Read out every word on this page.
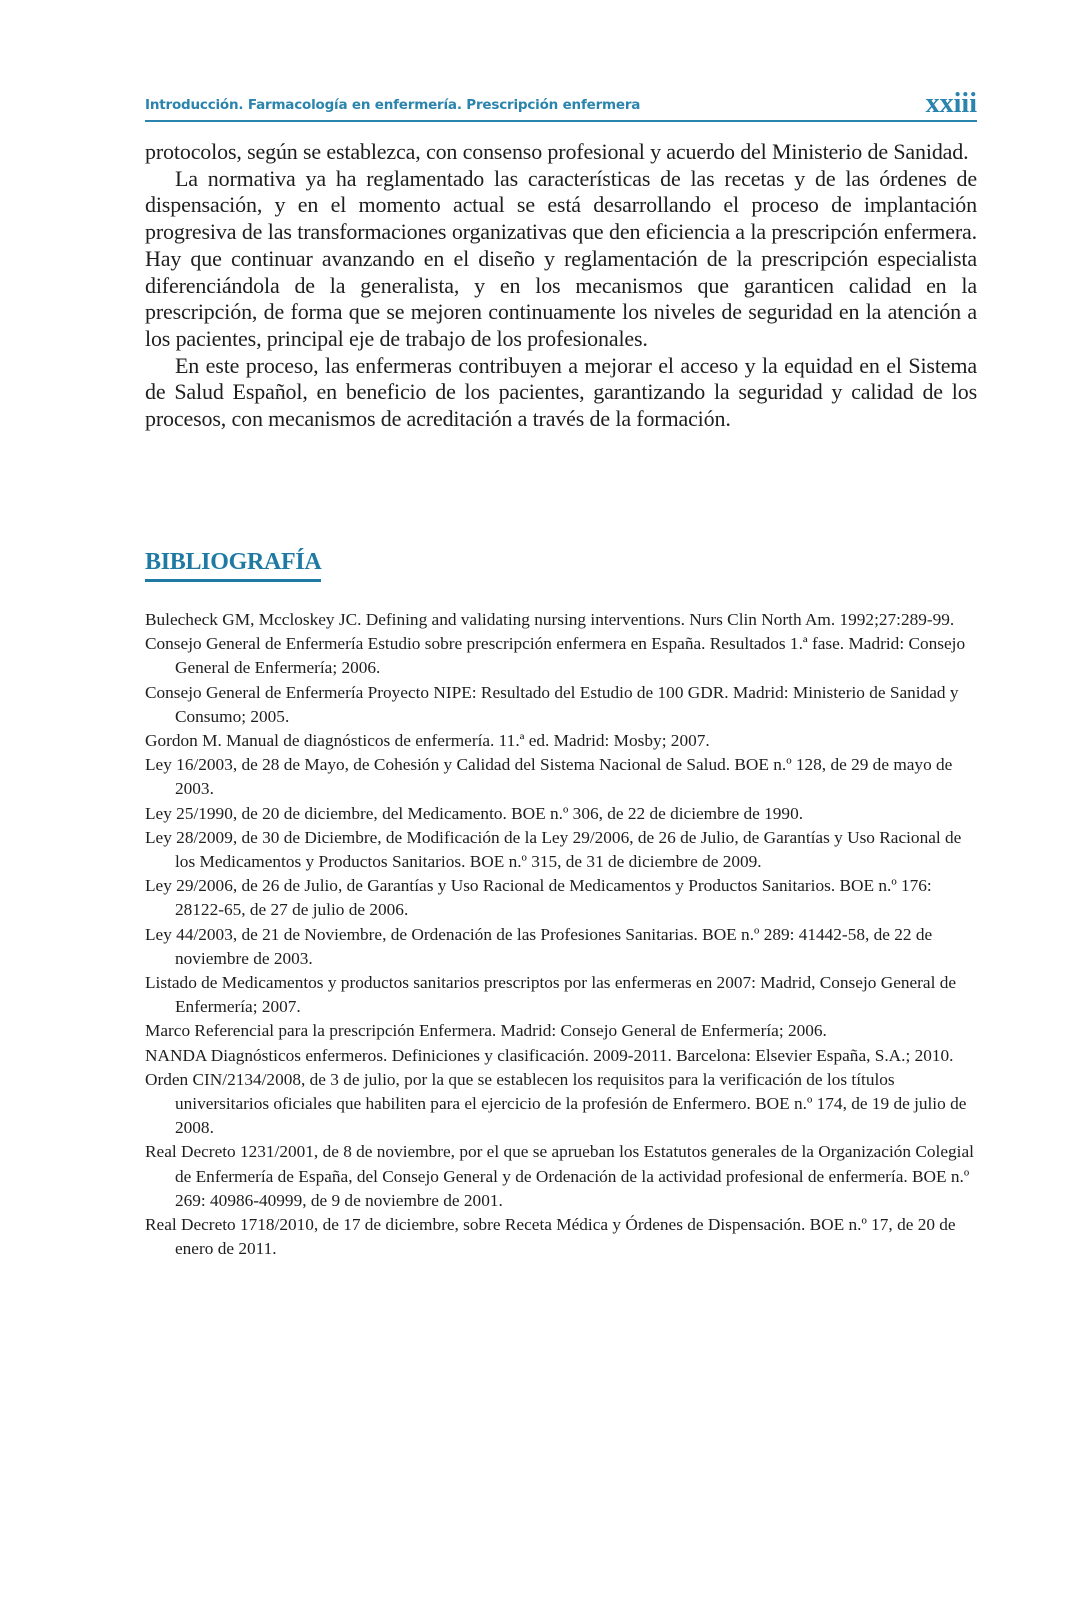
Introducción. Farmacología en enfermería. Prescripción enfermera	xxiii

protocolos, según se establezca, con consenso profesional y acuerdo del Ministerio de Sanidad.

La normativa ya ha reglamentado las características de las recetas y de las órdenes de dispensación, y en el momento actual se está desarrollando el proceso de implantación progresiva de las transformaciones organizativas que den eficiencia a la prescripción enfermera. Hay que continuar avanzando en el diseño y reglamentación de la prescripción especialista diferenciándola de la generalista, y en los mecanismos que garanticen calidad en la prescripción, de forma que se mejoren continuamente los niveles de seguridad en la atención a los pacientes, principal eje de trabajo de los profesionales.

En este proceso, las enfermeras contribuyen a mejorar el acceso y la equidad en el Sistema de Salud Español, en beneficio de los pacientes, garantizando la seguridad y calidad de los procesos, con mecanismos de acreditación a través de la formación.

BIBLIOGRAFÍA
Bulecheck GM, Mccloskey JC. Defining and validating nursing interventions. Nurs Clin North Am. 1992;27:289-99.
Consejo General de Enfermería Estudio sobre prescripción enfermera en España. Resultados 1.ª fase. Madrid: Consejo General de Enfermería; 2006.
Consejo General de Enfermería Proyecto NIPE: Resultado del Estudio de 100 GDR. Madrid: Ministerio de Sanidad y Consumo; 2005.
Gordon M. Manual de diagnósticos de enfermería. 11.ª ed. Madrid: Mosby; 2007.
Ley 16/2003, de 28 de Mayo, de Cohesión y Calidad del Sistema Nacional de Salud. BOE n.º 128, de 29 de mayo de 2003.
Ley 25/1990, de 20 de diciembre, del Medicamento. BOE n.º 306, de 22 de diciembre de 1990.
Ley 28/2009, de 30 de Diciembre, de Modificación de la Ley 29/2006, de 26 de Julio, de Garantías y Uso Racional de los Medicamentos y Productos Sanitarios. BOE n.º 315, de 31 de diciembre de 2009.
Ley 29/2006, de 26 de Julio, de Garantías y Uso Racional de Medicamentos y Productos Sanitarios. BOE n.º 176: 28122-65, de 27 de julio de 2006.
Ley 44/2003, de 21 de Noviembre, de Ordenación de las Profesiones Sanitarias. BOE n.º 289: 41442-58, de 22 de noviembre de 2003.
Listado de Medicamentos y productos sanitarios prescriptos por las enfermeras en 2007: Madrid, Consejo General de Enfermería; 2007.
Marco Referencial para la prescripción Enfermera. Madrid: Consejo General de Enfermería; 2006.
NANDA Diagnósticos enfermeros. Definiciones y clasificación. 2009-2011. Barcelona: Elsevier España, S.A.; 2010.
Orden CIN/2134/2008, de 3 de julio, por la que se establecen los requisitos para la verificación de los títulos universitarios oficiales que habiliten para el ejercicio de la profesión de Enfermero. BOE n.º 174, de 19 de julio de 2008.
Real Decreto 1231/2001, de 8 de noviembre, por el que se aprueban los Estatutos generales de la Organización Colegial de Enfermería de España, del Consejo General y de Ordenación de la actividad profesional de enfermería. BOE n.º 269: 40986-40999, de 9 de noviembre de 2001.
Real Decreto 1718/2010, de 17 de diciembre, sobre Receta Médica y Órdenes de Dispensación. BOE n.º 17, de 20 de enero de 2011.
